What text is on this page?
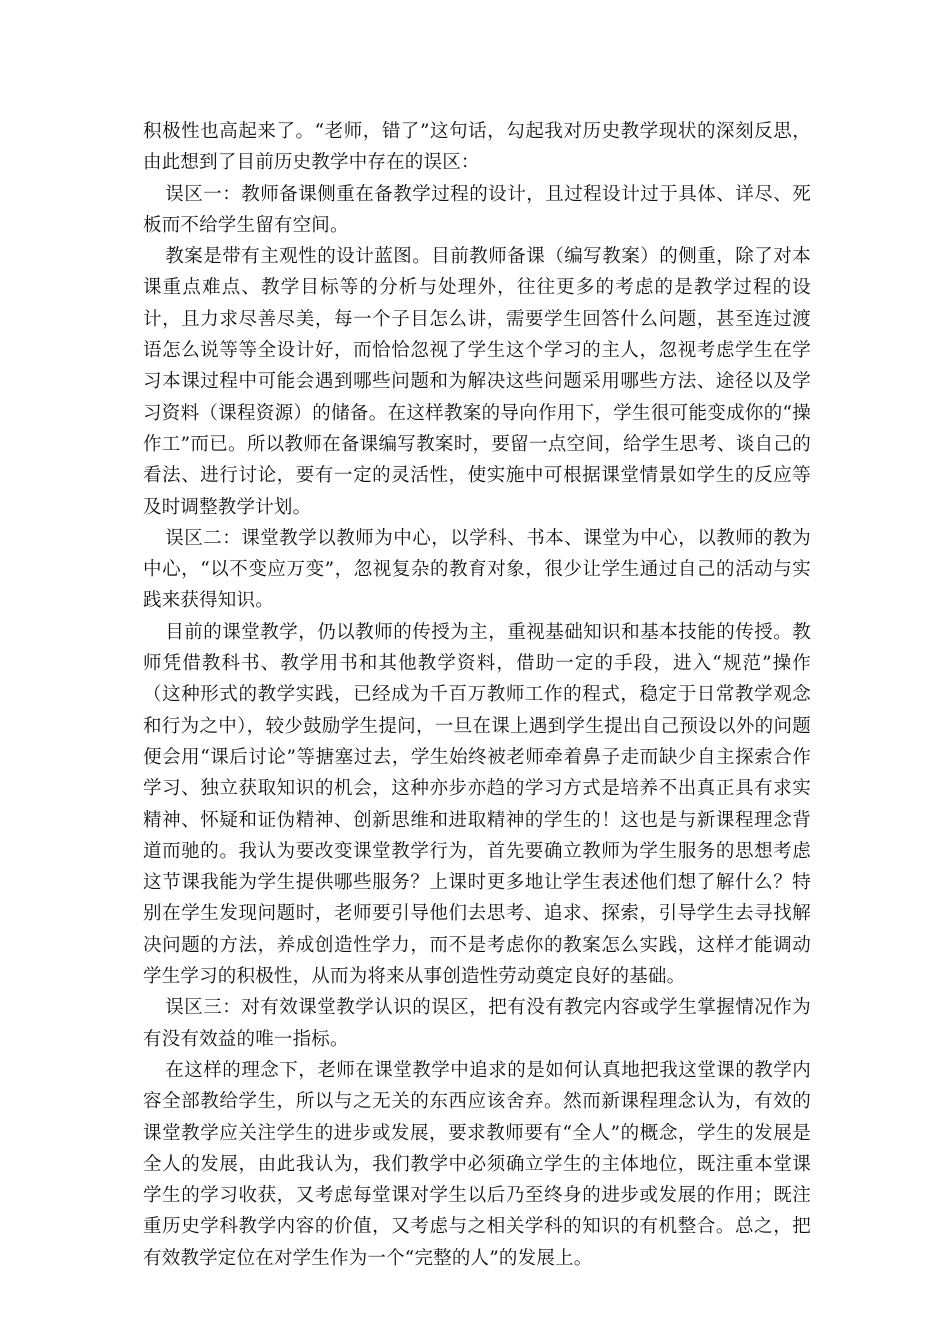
积极性也高起来了。“老师，错了”这句话，勾起我对历史教学现状的深刻反思，由此想到了目前历史教学中存在的误区：

误区一：教师备课侧重在备教学过程的设计，且过程设计过于具体、详尽、死板而不给学生留有空间。

教案是带有主观性的设计蓝图。目前教师备课（编写教案）的侧重，除了对本课重点难点、教学目标等的分析与处理外，往往更多的考虑的是教学过程的设计，且力求尽善尽美，每一个子目怎么讲，需要学生回答什么问题，甚至连过渡语怎么说等等全设计好，而恰恰忽视了学生这个学习的主人，忽视考虑学生在学习本课过程中可能会遇到哪些问题和为解决这些问题采用哪些方法、途径以及学习资料（课程资源）的储备。在这样教案的导向作用下，学生很可能变成你的“操作工”而已。所以教师在备课编写教案时，要留一点空间，给学生思考、谈自己的看法、进行讨论，要有一定的灵活性，使实施中可根据课堂情景如学生的反应等及时调整教学计划。

误区二：课堂教学以教师为中心，以学科、书本、课堂为中心，以教师的教为中心，“以不变应万变”，忽视复杂的教育对象，很少让学生通过自己的活动与实践来获得知识。

目前的课堂教学，仍以教师的传授为主，重视基础知识和基本技能的传授。教师凭借教科书、教学用书和其他教学资料，借助一定的手段，进入“规范”操作（这种形式的教学实践，已经成为千百万教师工作的程式，稳定于日常教学观念和行为之中），较少鼓励学生提问，一旦在课上遇到学生提出自己预设以外的问题便会用“课后讨论”等搪塞过去，学生始终被老师牵着鼻子走而缺少自主探索合作学习、独立获取知识的机会，这种亦步亦趋的学习方式是培养不出真正具有求实精神、怀疑和证伪精神、创新思维和进取精神的学生的！这也是与新课程理念背道而驰的。我认为要改变课堂教学行为，首先要确立教师为学生服务的思想考虑这节课我能为学生提供哪些服务？上课时更多地让学生表述他们想了解什么？特别在学生发现问题时，老师要引导他们去思考、追求、探索，引导学生去寻找解决问题的方法，养成创造性学力，而不是考虑你的教案怎么实践，这样才能调动学生学习的积极性，从而为将来从事创造性劳动奠定良好的基础。

误区三：对有效课堂教学认识的误区，把有没有教完内容或学生掌握情况作为有没有效益的唯一指标。

在这样的理念下，老师在课堂教学中追求的是如何认真地把我这堂课的教学内容全部教给学生，所以与之无关的东西应该舍弃。然而新课程理念认为，有效的课堂教学应关注学生的进步或发展，要求教师要有“全人”的概念，学生的发展是全人的发展，由此我认为，我们教学中必须确立学生的主体地位，既注重本堂课学生的学习收获，又考虑每堂课对学生以后乃至终身的进步或发展的作用；既注重历史学科教学内容的价值，又考虑与之相关学科的知识的有机整合。总之，把有效教学定位在对学生作为一个“完整的人”的发展上。
